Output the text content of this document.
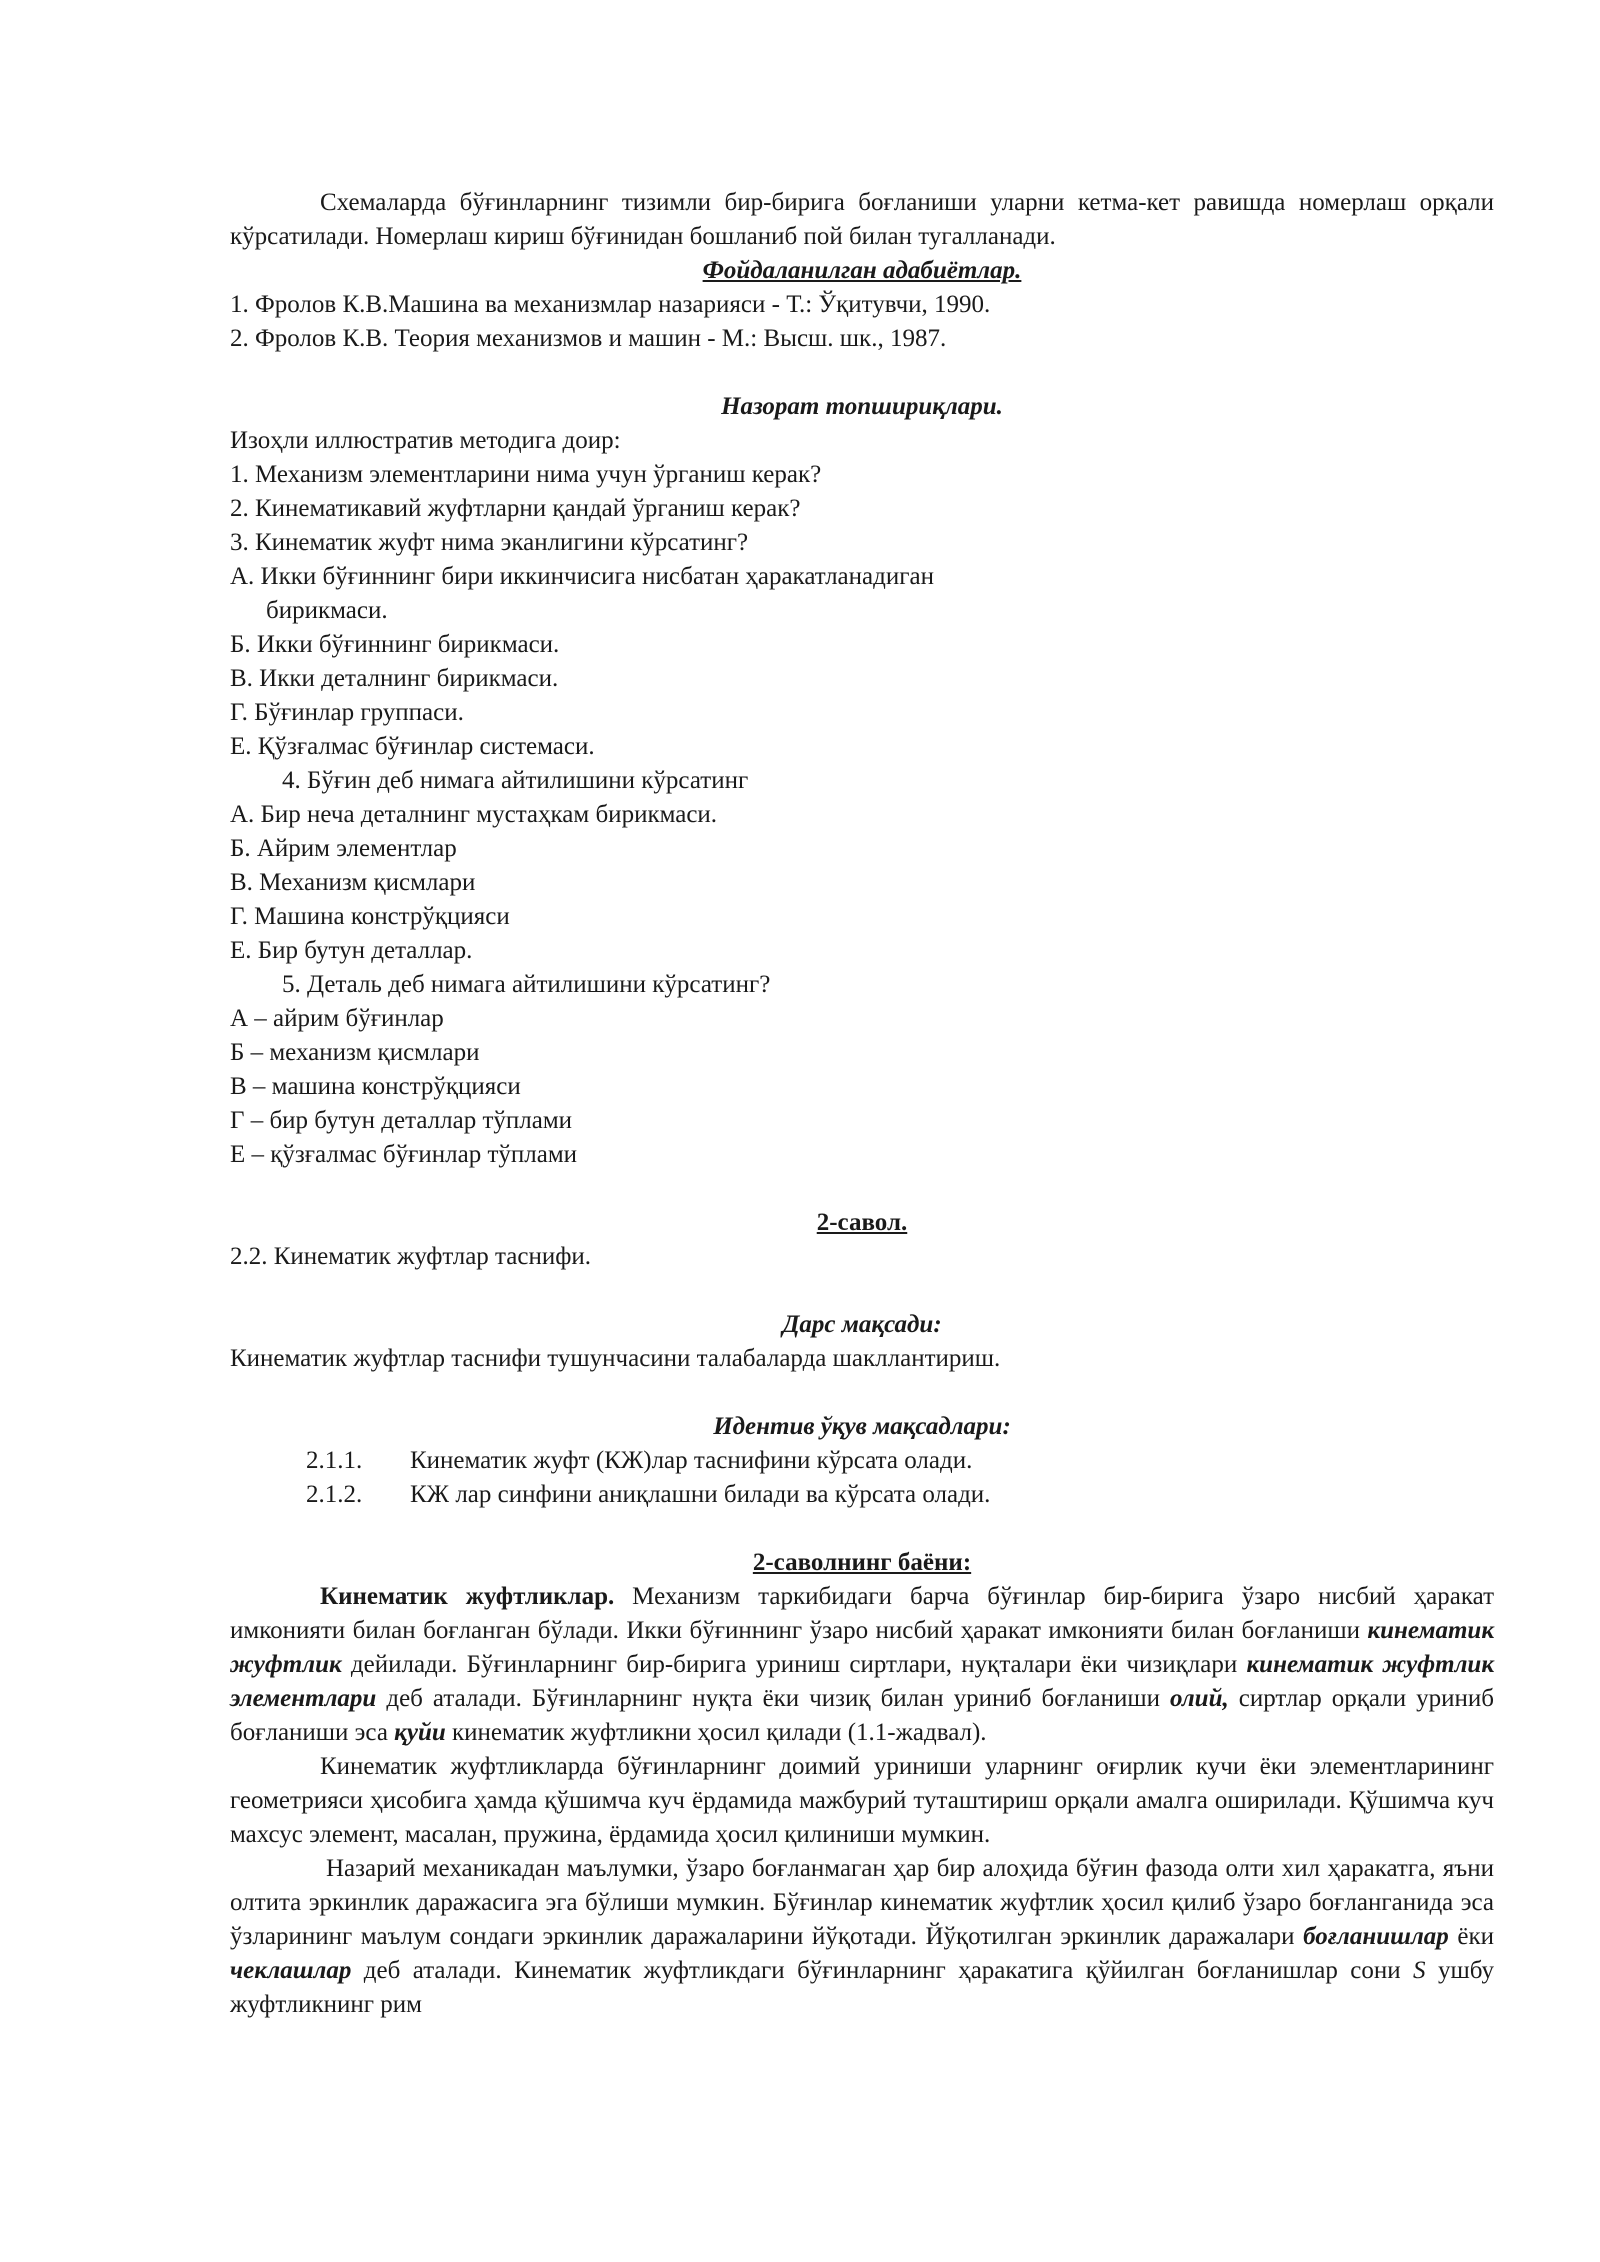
Схемаларда бўғинларнинг тизимли бир-бирига боғланиши уларни кетма-кет равишда номерлаш орқали кўрсатилади. Номерлаш кириш бўғинидан бошланиб пой билан тугалланади.

Фойдаланилган адабиётлар.

1. Фролов К.В.Машина ва механизмлар назарияси - Т.: Ўқитувчи, 1990.

2. Фролов К.В. Теория механизмов и машин - М.: Высш. шк., 1987.

Назорат топшириқлари.

Изоҳли иллюстратив методига доир:

1. Механизм элементларини нима учун ўрганиш керак?

2. Кинематикавий жуфтларни қандай ўрганиш керак?

3. Кинематик жуфт нима эканлигини кўрсатинг?

А. Икки бўғиннинг бири иккинчисига нисбатан ҳаракатланадиган

бирикмаси.

Б. Икки бўғиннинг бирикмаси.

В. Икки деталнинг бирикмаси.

Г. Бўғинлар группаси.

Е. Қўзғалмас бўғинлар системаси.

4. Бўғин деб нимага айтилишини кўрсатинг

А. Бир неча деталнинг мустаҳкам бирикмаси.

Б. Айрим элементлар

В. Механизм қисмлари

Г. Машина констрўқцияси

Е. Бир бутун деталлар.

5. Деталь деб нимага айтилишини кўрсатинг?

А – айрим бўғинлар

Б – механизм қисмлари

В – машина констрўқцияси

Г – бир бутун деталлар тўплами

Е – қўзғалмас бўғинлар тўплами

2-савол.

2.2. Кинематик жуфтлар таснифи.

Дарс мақсади:

Кинематик жуфтлар таснифи тушунчасини талабаларда шакллантириш.

Идентив ўқув мақсадлари:

2.1.1.	Кинематик жуфт (КЖ)лар таснифини кўрсата олади.
2.1.2.	КЖ лар синфини аниқлашни билади ва кўрсата олади.

2-саволнинг баёни:

Кинематик жуфтликлар. Механизм таркибидаги барча бўғинлар бир-бирига ўзаро нисбий ҳаракат имконияти билан боғланган бўлади. Икки бўғиннинг ўзаро нисбий ҳаракат имконияти билан боғланиши кинематик жуфтлик дейилади. Бўғинларнинг бир-бирига уриниш сиртлари, нуқталари ёки чизиқлари кинематик жуфтлик элементлари деб аталади. Бўғинларнинг нуқта ёки чизиқ билан уриниб боғланиши олий, сиртлар орқали уриниб боғланиши эса қуйи кинематик жуфтликни ҳосил қилади (1.1-жадвал).

Кинематик жуфтликларда бўғинларнинг доимий уриниши уларнинг оғирлик кучи ёки элементларининг геометрияси ҳисобига ҳамда қўшимча куч ёрдамида мажбурий туташтириш орқали амалга оширилади. Қўшимча куч махсус элемент, масалан, пружина, ёрдамида ҳосил қилиниши мумкин.

Назарий механикадан маълумки, ўзаро боғланмаган ҳар бир алоҳида бўғин фазода олти хил ҳаракатга, яъни олтита эркинлик даражасига эга бўлиши мумкин. Бўғинлар кинематик жуфтлик ҳосил қилиб ўзаро боғланганида эса ўзларининг маълум сондаги эркинлик даражаларини йўқотади. Йўқотилган эркинлик даражалари боғланишлар ёки чеклашлар деб аталади. Кинематик жуфтликдаги бўғинларнинг ҳаракатига қўйилган боғланишлар сони S ушбу жуфтликнинг рим
